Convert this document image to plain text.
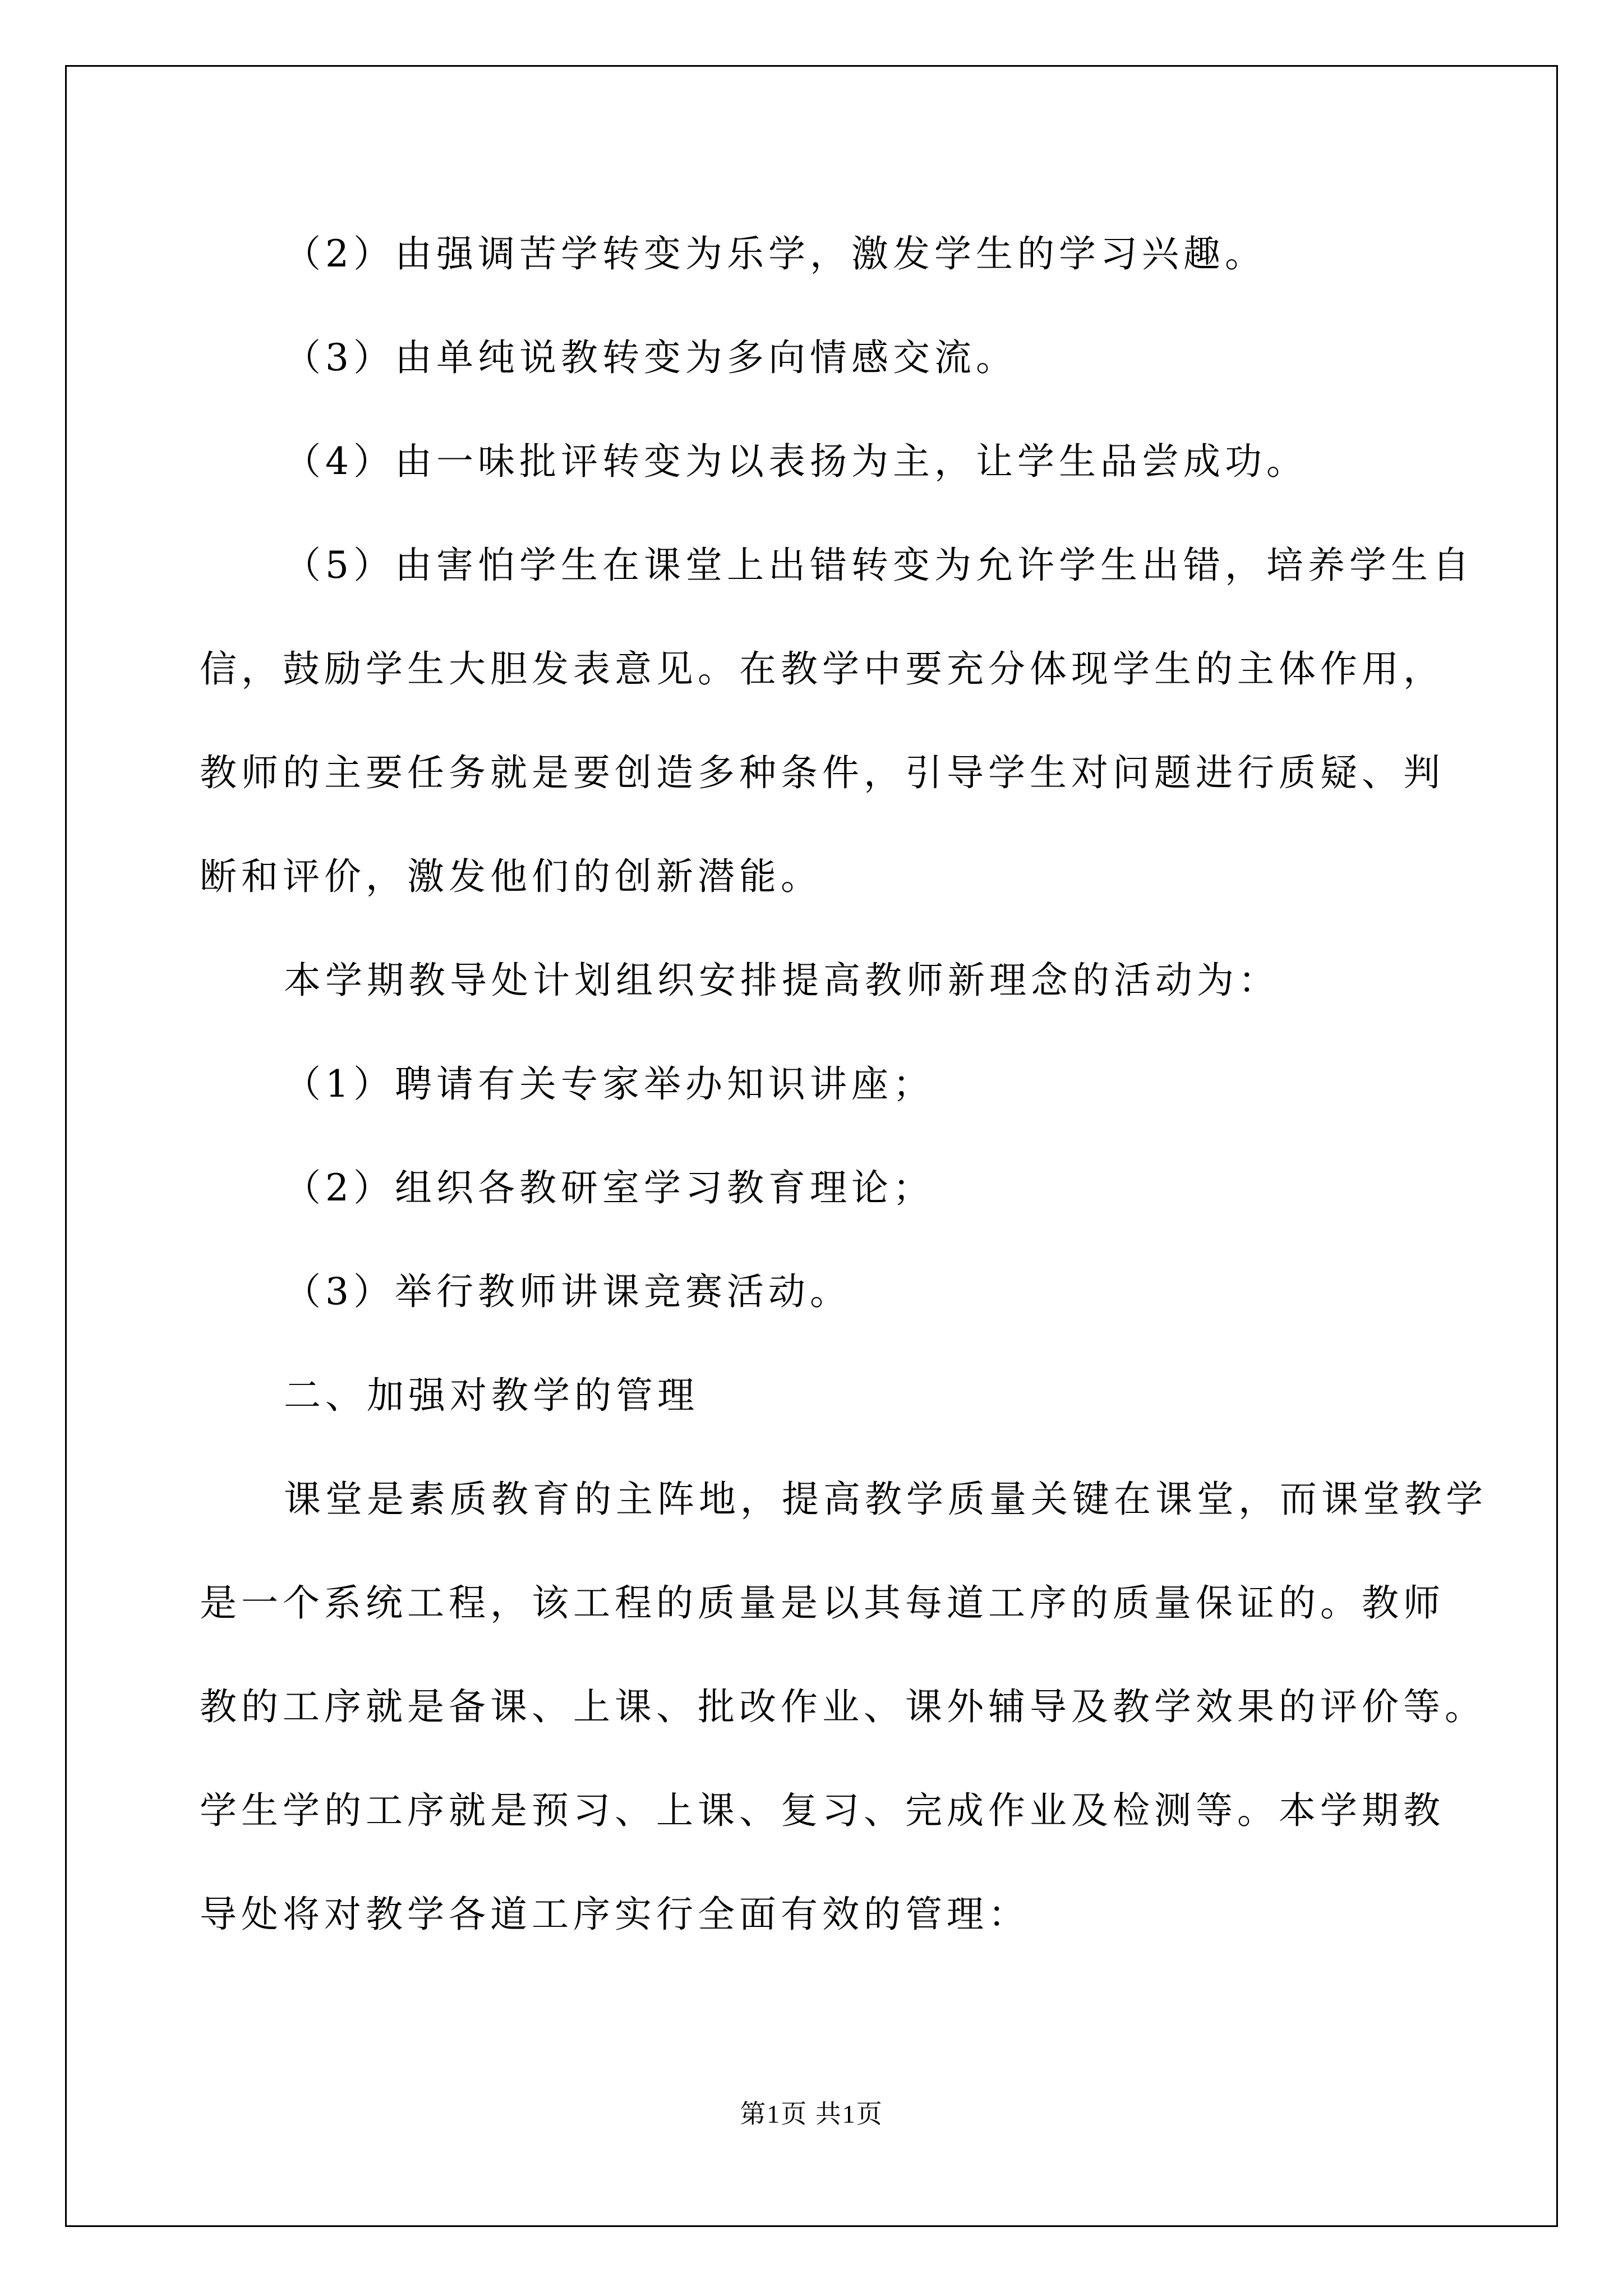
（2）由强调苦学转变为乐学，激发学生的学习兴趣。
（3）由单纯说教转变为多向情感交流。
（4）由一味批评转变为以表扬为主，让学生品尝成功。
（5）由害怕学生在课堂上出错转变为允许学生出错，培养学生自
信，鼓励学生大胆发表意见。在教学中要充分体现学生的主体作用，
教师的主要任务就是要创造多种条件，引导学生对问题进行质疑、判
断和评价，激发他们的创新潜能。
本学期教导处计划组织安排提高教师新理念的活动为：
（1）聘请有关专家举办知识讲座；
（2）组织各教研室学习教育理论；
（3）举行教师讲课竞赛活动。
二、加强对教学的管理
课堂是素质教育的主阵地，提高教学质量关键在课堂，而课堂教学
是一个系统工程，该工程的质量是以其每道工序的质量保证的。教师
教的工序就是备课、上课、批改作业、课外辅导及教学效果的评价等。
学生学的工序就是预习、上课、复习、完成作业及检测等。本学期教
导处将对教学各道工序实行全面有效的管理：
第1页 共1页
